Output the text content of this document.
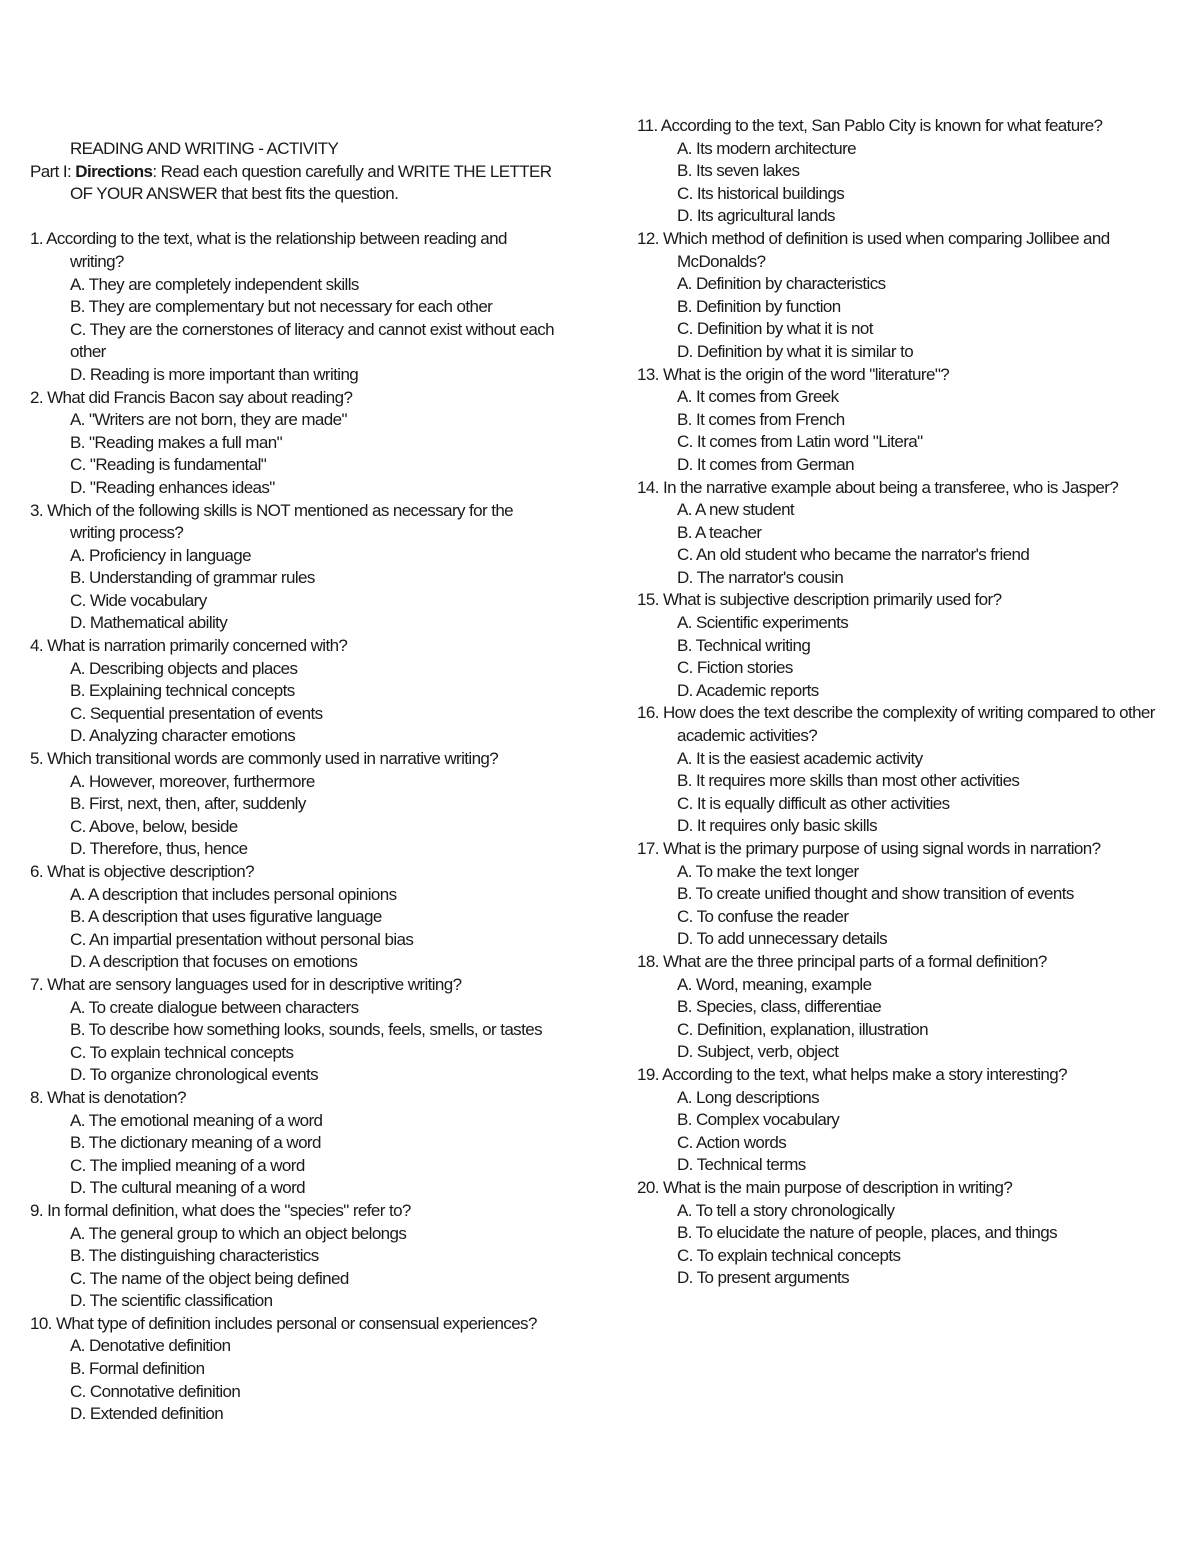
READING AND WRITING - ACTIVITY
Part I: Directions: Read each question carefully and WRITE THE LETTER
OF YOUR ANSWER that best fits the question.
1. According to the text, what is the relationship between reading and
writing?
A. They are completely independent skills
B. They are complementary but not necessary for each other
C. They are the cornerstones of literacy and cannot exist without each
other
D. Reading is more important than writing
2. What did Francis Bacon say about reading?
A. "Writers are not born, they are made"
B. "Reading makes a full man"
C. "Reading is fundamental"
D. "Reading enhances ideas"
3. Which of the following skills is NOT mentioned as necessary for the
writing process?
A. Proficiency in language
B. Understanding of grammar rules
C. Wide vocabulary
D. Mathematical ability
4. What is narration primarily concerned with?
A. Describing objects and places
B. Explaining technical concepts
C. Sequential presentation of events
D. Analyzing character emotions
5. Which transitional words are commonly used in narrative writing?
A. However, moreover, furthermore
B. First, next, then, after, suddenly
C. Above, below, beside
D. Therefore, thus, hence
6. What is objective description?
A. A description that includes personal opinions
B. A description that uses figurative language
C. An impartial presentation without personal bias
D. A description that focuses on emotions
7. What are sensory languages used for in descriptive writing?
A. To create dialogue between characters
B. To describe how something looks, sounds, feels, smells, or tastes
C. To explain technical concepts
D. To organize chronological events
8. What is denotation?
A. The emotional meaning of a word
B. The dictionary meaning of a word
C. The implied meaning of a word
D. The cultural meaning of a word
9. In formal definition, what does the "species" refer to?
A. The general group to which an object belongs
B. The distinguishing characteristics
C. The name of the object being defined
D. The scientific classification
10. What type of definition includes personal or consensual experiences?
A. Denotative definition
B. Formal definition
C. Connotative definition
D. Extended definition
11. According to the text, San Pablo City is known for what feature?
A. Its modern architecture
B. Its seven lakes
C. Its historical buildings
D. Its agricultural lands
12. Which method of definition is used when comparing Jollibee and
McDonalds?
A. Definition by characteristics
B. Definition by function
C. Definition by what it is not
D. Definition by what it is similar to
13. What is the origin of the word "literature"?
A. It comes from Greek
B. It comes from French
C. It comes from Latin word "Litera"
D. It comes from German
14. In the narrative example about being a transferee, who is Jasper?
A. A new student
B. A teacher
C. An old student who became the narrator's friend
D. The narrator's cousin
15. What is subjective description primarily used for?
A. Scientific experiments
B. Technical writing
C. Fiction stories
D. Academic reports
16. How does the text describe the complexity of writing compared to other
academic activities?
A. It is the easiest academic activity
B. It requires more skills than most other activities
C. It is equally difficult as other activities
D. It requires only basic skills
17. What is the primary purpose of using signal words in narration?
A. To make the text longer
B. To create unified thought and show transition of events
C. To confuse the reader
D. To add unnecessary details
18. What are the three principal parts of a formal definition?
A. Word, meaning, example
B. Species, class, differentiae
C. Definition, explanation, illustration
D. Subject, verb, object
19. According to the text, what helps make a story interesting?
A. Long descriptions
B. Complex vocabulary
C. Action words
D. Technical terms
20. What is the main purpose of description in writing?
A. To tell a story chronologically
B. To elucidate the nature of people, places, and things
C. To explain technical concepts
D. To present arguments
